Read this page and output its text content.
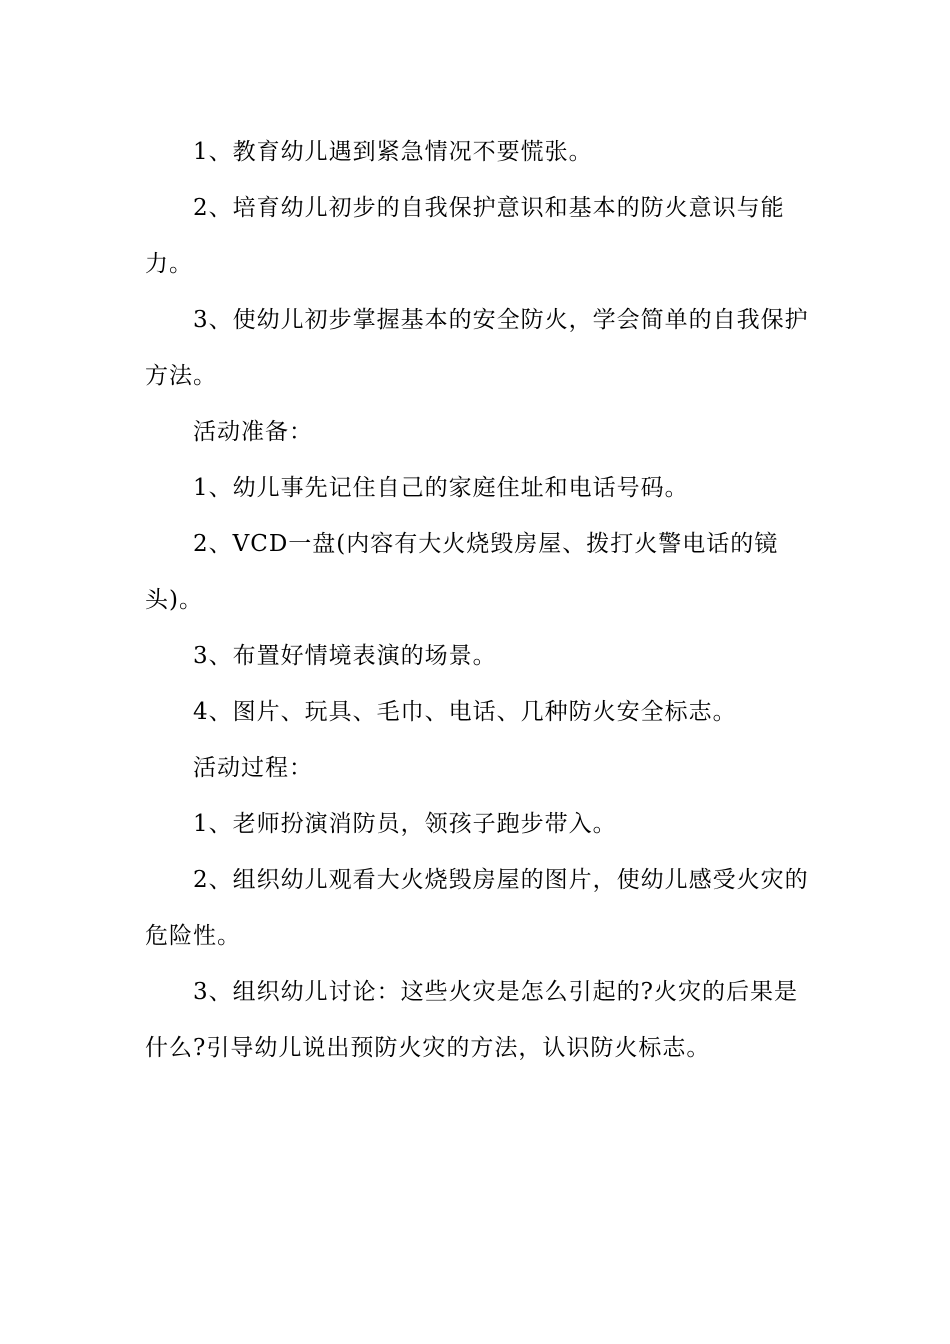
1、教育幼儿遇到紧急情况不要慌张。

2、培育幼儿初步的自我保护意识和基本的防火意识与能力。

3、使幼儿初步掌握基本的安全防火，学会简单的自我保护方法。

活动准备：

1、幼儿事先记住自己的家庭住址和电话号码。

2、VCD一盘(内容有大火烧毁房屋、拨打火警电话的镜头)。

3、布置好情境表演的场景。

4、图片、玩具、毛巾、电话、几种防火安全标志。

活动过程：

1、老师扮演消防员，领孩子跑步带入。

2、组织幼儿观看大火烧毁房屋的图片，使幼儿感受火灾的危险性。

3、组织幼儿讨论：这些火灾是怎么引起的?火灾的后果是什么?引导幼儿说出预防火灾的方法，认识防火标志。
